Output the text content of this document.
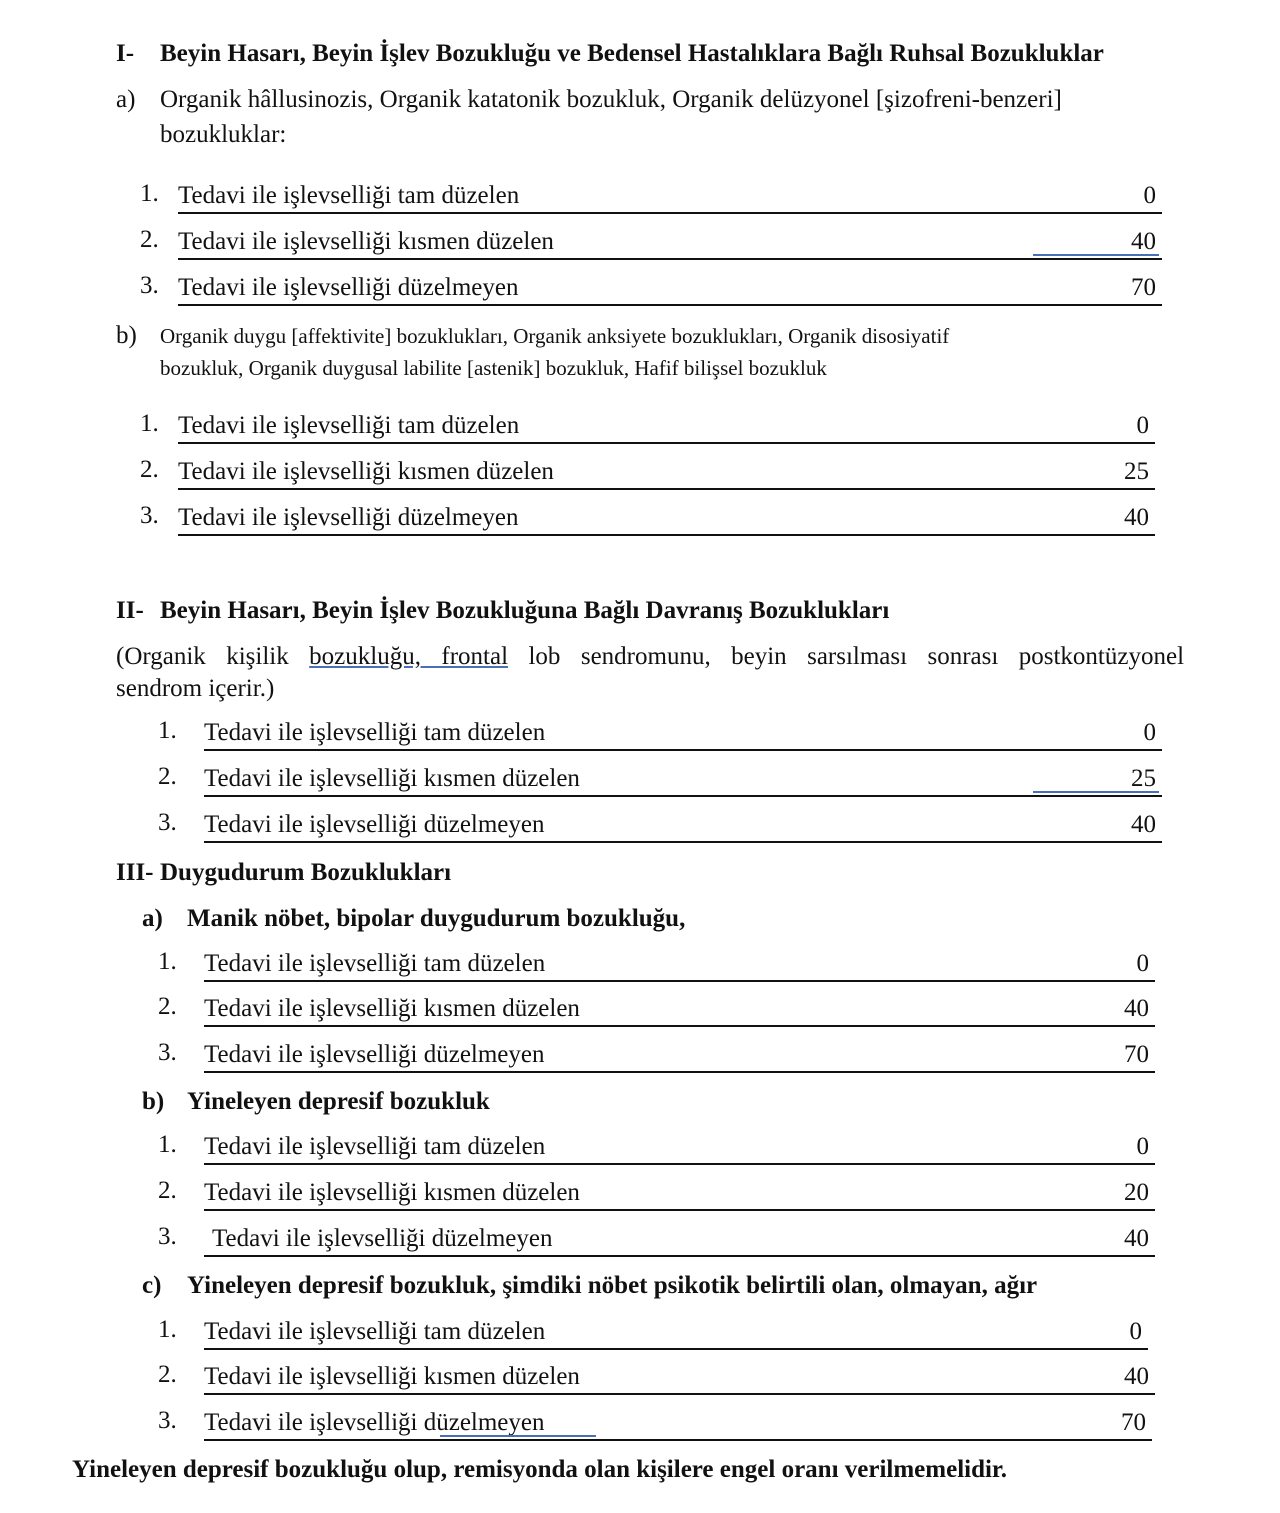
I- Beyin Hasarı, Beyin İşlev Bozukluğu ve Bedensel Hastalıklara Bağlı Ruhsal Bozukluklar
a) Organik hâllusinozis, Organik katatonik bozukluk, Organik delüzyonel [şizofreni-benzeri]
bozukluklar:
1. Tedavi ile işlevselliği tam düzelen	0
2. Tedavi ile işlevselliği kısmen düzelen	40
3. Tedavi ile işlevselliği düzelmeyen	70
b) Organik duygu [affektivite] bozuklukları, Organik anksiyete bozuklukları, Organik disosiyatif
bozukluk, Organik duygusal labilite [astenik] bozukluk, Hafif bilişsel bozukluk
1. Tedavi ile işlevselliği tam düzelen	0
2. Tedavi ile işlevselliği kısmen düzelen	25
3. Tedavi ile işlevselliği düzelmeyen	40
II- Beyin Hasarı, Beyin İşlev Bozukluğuna Bağlı Davranış Bozuklukları
(Organik kişilik bozukluğu, frontal lob sendromunu, beyin sarsılması sonrası postkontüzyonel
sendrom içerir.)
1. Tedavi ile işlevselliği tam düzelen	0
2. Tedavi ile işlevselliği kısmen düzelen	25
3. Tedavi ile işlevselliği düzelmeyen	40
III- Duygudurum Bozuklukları
a) Manik nöbet, bipolar duygudurum bozukluğu,
1. Tedavi ile işlevselliği tam düzelen	0
2. Tedavi ile işlevselliği kısmen düzelen	40
3. Tedavi ile işlevselliği düzelmeyen	70
b) Yineleyen depresif bozukluk
1. Tedavi ile işlevselliği tam düzelen	0
2. Tedavi ile işlevselliği kısmen düzelen	20
3. Tedavi ile işlevselliği düzelmeyen	40
c) Yineleyen depresif bozukluk, şimdiki nöbet psikotik belirtili olan, olmayan, ağır
1. Tedavi ile işlevselliği tam düzelen	0
2. Tedavi ile işlevselliği kısmen düzelen	40
3. Tedavi ile işlevselliği düzelmeyen	70
Yineleyen depresif bozukluğu olup, remisyonda olan kişilere engel oranı verilmemelidir.
